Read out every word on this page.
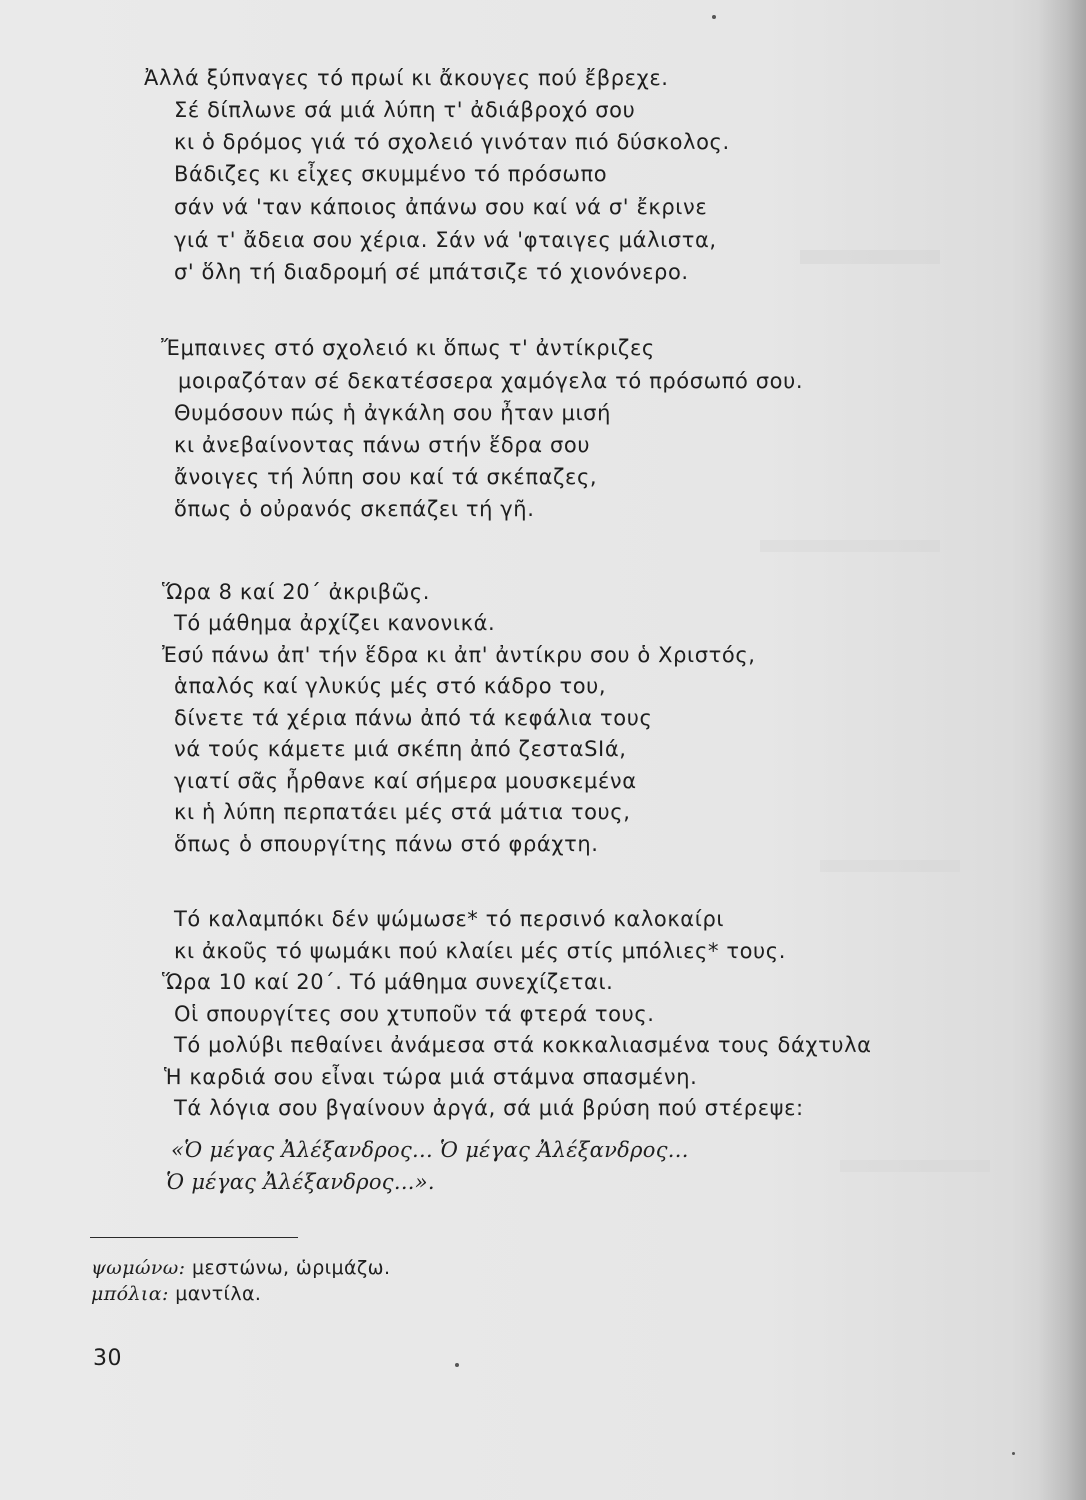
Ἀλλά ξύπναγες τό πρωί κι ἄκουγες πού ἔβρεχε.
Σέ δίπλωνε σά μιά λύπη τ' ἀδιάβροχό σου
κι ὁ δρόμος γιά τό σχολειό γινόταν πιό δύσκολος.
Βάδιζες κι εἶχες σκυμμένο τό πρόσωπο
σάν νά 'ταν κάποιος ἀπάνω σου καί νά σ' ἔκρινε
γιά τ' ἄδεια σου χέρια. Σάν νά 'φταιγες μάλιστα,
σ' ὅλη τή διαδρομή σέ μπάτσιζε τό χιονόνερο.
Ἔμπαινες στό σχολειό κι ὅπως τ' ἀντίκριζες
μοιραζόταν σέ δεκατέσσερα χαμόγελα τό πρόσωπό σου.
Θυμόσουν πώς ἡ ἀγκάλη σου ἦταν μισή
κι ἀνεβαίνοντας πάνω στήν ἕδρα σου
ἄνοιγες τή λύπη σου καί τά σκέπαζες,
ὅπως ὁ οὐρανός σκεπάζει τή γῆ.
Ὥρα 8 καί 20΄ ἀκριβῶς.
Τό μάθημα ἀρχίζει κανονικά.
Ἐσύ πάνω ἀπ' τήν ἕδρα κι ἀπ' ἀντίκρυ σου ὁ Χριστός,
ἁπαλός καί γλυκύς μές στό κάδρο του,
δίνετε τά χέρια πάνω ἀπό τά κεφάλια τους
νά τούς κάμετε μιά σκέπη ἀπό ζεσταSIά,
γιατί σᾶς ἦρθανε καί σήμερα μουσκεμένα
κι ἡ λύπη περπατάει μές στά μάτια τους,
ὅπως ὁ σπουργίτης πάνω στό φράχτη.
Τό καλαμπόκι δέν ψώμωσε* τό περσινό καλοκαίρι
κι ἀκοῦς τό ψωμάκι πού κλαίει μές στίς μπόλιες* τους.
Ὥρα 10 καί 20΄. Τό μάθημα συνεχίζεται.
Οἱ σπουργίτες σου χτυποῦν τά φτερά τους.
Τό μολύβι πεθαίνει ἀνάμεσα στά κοκκαλιασμένα τους δάχτυλα
Ἡ καρδιά σου εἶναι τώρα μιά στάμνα σπασμένη.
Τά λόγια σου βγαίνουν ἀργά, σά μιά βρύση πού στέρεψε:
«Ὁ μέγας Ἀλέξανδρος... Ὁ μέγας Ἀλέξανδρος...
Ὁ μέγας Ἀλέξανδρος...».
ψωμώνω: μεστώνω, ὡριμάζω.
μπόλια: μαντίλα.
30
